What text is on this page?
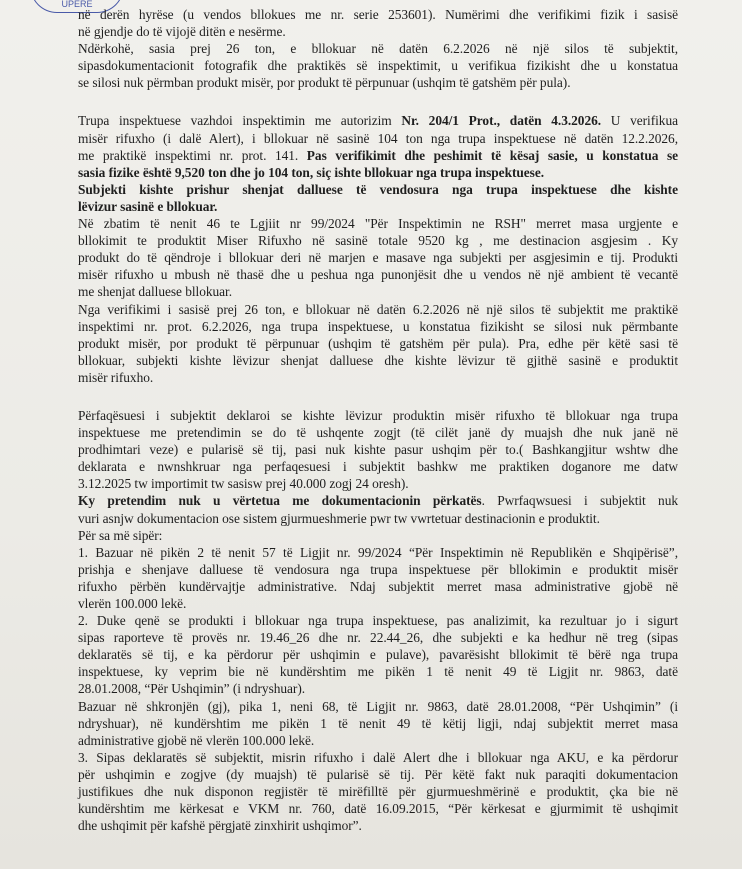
UPERE
në derën hyrëse (u vendos bllokues me nr. serie 253601). Numërimi dhe verifikimi fizik i sasisë
në gjendje do të vijojë ditën e nesërme.
Ndërkohë, sasia prej 26 ton, e bllokuar në datën 6.2.2026 në një silos të subjektit,
sipasdokumentacionit fotografik dhe praktikës së inspektimit, u verifikua fizikisht dhe u konstatua
se silosi nuk përmban produkt misër, por produkt të përpunuar (ushqim të gatshëm për pula).
Trupa inspektuese vazhdoi inspektimin me autorizim Nr. 204/1 Prot., datën 4.3.2026. U verifikua
misër rifuxho (i dalë Alert), i bllokuar në sasinë 104 ton nga trupa inspektuese në datën 12.2.2026,
me praktikë inspektimi nr. prot. 141. Pas verifikimit dhe peshimit të kësaj sasie, u konstatua se
sasia fizike është 9,520 ton dhe jo 104 ton, siç ishte bllokuar nga trupa inspektuese.
Subjekti kishte prishur shenjat dalluese të vendosura nga trupa inspektuese dhe kishte
lëvizur sasinë e bllokuar.
Në zbatim të nenit 46 te Lgjiit nr 99/2024 "Për Inspektimin ne RSH" merret masa urgjente e
bllokimit te produktit Miser Rifuxho në sasinë totale 9520 kg , me destinacion asgjesim . Ky
produkt do të qëndroje i bllokuar deri në marjen e masave nga subjekti per asgjesimin e tij. Produkti
misër rifuxho u mbush në thasë dhe u peshua nga punonjësit dhe u vendos në një ambient të vecantë
me shenjat dalluese bllokuar.
Nga verifikimi i sasisë prej 26 ton, e bllokuar në datën 6.2.2026 në një silos të subjektit me praktikë
inspektimi nr. prot. 6.2.2026, nga trupa inspektuese, u konstatua fizikisht se silosi nuk përmbante
produkt misër, por produkt të përpunuar (ushqim të gatshëm për pula). Pra, edhe për këtë sasi të
bllokuar, subjekti kishte lëvizur shenjat dalluese dhe kishte lëvizur të gjithë sasinë e produktit
misër rifuxho.
Përfaqësuesi i subjektit deklaroi se kishte lëvizur produktin misër rifuxho të bllokuar nga trupa
inspektuese me pretendimin se do të ushqente zogjt (të cilët janë dy muajsh dhe nuk janë në
prodhimtari veze) e pularisë së tij, pasi nuk kishte pasur ushqim për to.( Bashkangjitur wshtw dhe
deklarata e nwnshkruar nga perfaqesuesi i subjektit bashkw me praktiken doganore me datw
3.12.2025 tw importimit tw sasisw prej 40.000 zogj 24 oresh).
Ky pretendim nuk u vërtetua me dokumentacionin përkatës. Pwrfaqwsuesi i subjektit nuk
vuri asnjw dokumentacion ose sistem gjurmueshmerie pwr tw vwrtetuar destinacionin e produktit.
Për sa më sipër:
1. Bazuar në pikën 2 të nenit 57 të Ligjit nr. 99/2024 “Për Inspektimin në Republikën e Shqipërisë”,
prishja e shenjave dalluese të vendosura nga trupa inspektuese për bllokimin e produktit misër
rifuxho përbën kundërvajtje administrative. Ndaj subjektit merret masa administrative gjobë në
vlerën 100.000 lekë.
2. Duke qenë se produkti i bllokuar nga trupa inspektuese, pas analizimit, ka rezultuar jo i sigurt
sipas raporteve të provës nr. 19.46_26 dhe nr. 22.44_26, dhe subjekti e ka hedhur në treg (sipas
deklaratës së tij, e ka përdorur për ushqimin e pulave), pavarësisht bllokimit të bërë nga trupa
inspektuese, ky veprim bie në kundërshtim me pikën 1 të nenit 49 të Ligjit nr. 9863, datë
28.01.2008, “Për Ushqimin” (i ndryshuar).
Bazuar në shkronjën (gj), pika 1, neni 68, të Ligjit nr. 9863, datë 28.01.2008, “Për Ushqimin” (i
ndryshuar), në kundërshtim me pikën 1 të nenit 49 të këtij ligji, ndaj subjektit merret masa
administrative gjobë në vlerën 100.000 lekë.
3. Sipas deklaratës së subjektit, misrin rifuxho i dalë Alert dhe i bllokuar nga AKU, e ka përdorur
për ushqimin e zogjve (dy muajsh) të pularisë së tij. Për këtë fakt nuk paraqiti dokumentacion
justifikues dhe nuk disponon regjistër të mirëfilltë për gjurmueshmërinë e produktit, çka bie në
kundërshtim me kërkesat e VKM nr. 760, datë 16.09.2015, “Për kërkesat e gjurmimit të ushqimit
dhe ushqimit për kafshë përgjatë zinxhirit ushqimor”.
